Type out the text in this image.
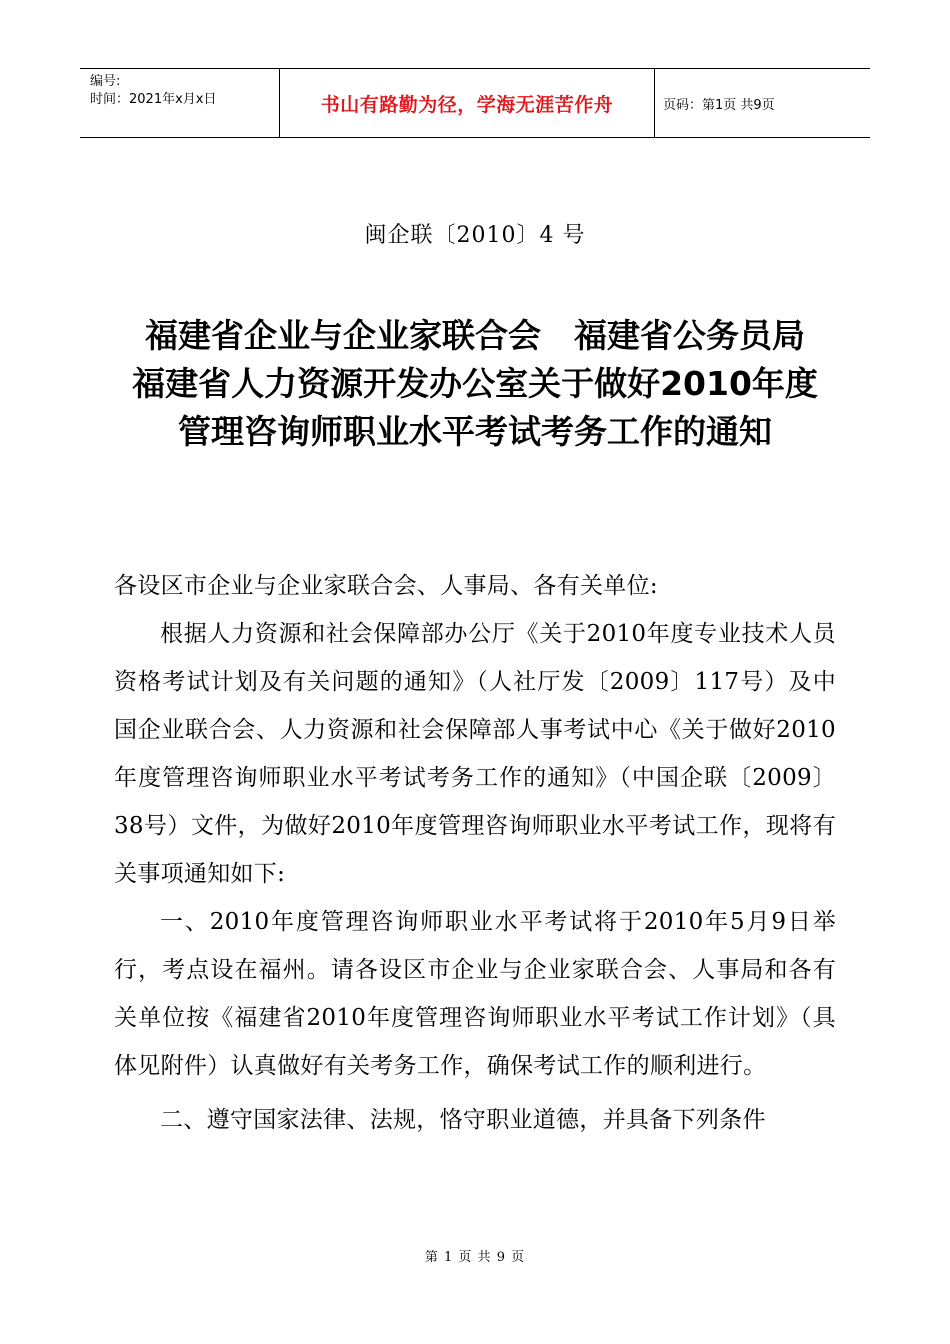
编号:
时间：2021年x月x日	书山有路勤为径，学海无涯苦作舟	页码：第1页 共9页
闽企联〔2010〕4 号
福建省企业与企业家联合会　福建省公务员局
福建省人力资源开发办公室关于做好2010年度
管理咨询师职业水平考试考务工作的通知

各设区市企业与企业家联合会、人事局、各有关单位:

根据人力资源和社会保障部办公厅《关于2010年度专业技术人员资格考试计划及有关问题的通知》（人社厅发〔2009〕117号）及中国企业联合会、人力资源和社会保障部人事考试中心《关于做好2010年度管理咨询师职业水平考试考务工作的通知》（中国企联〔2009〕38号）文件，为做好2010年度管理咨询师职业水平考试工作，现将有关事项通知如下:

一、2010年度管理咨询师职业水平考试将于2010年5月9日举行，考点设在福州。请各设区市企业与企业家联合会、人事局和各有关单位按《福建省2010年度管理咨询师职业水平考试工作计划》（具体见附件）认真做好有关考务工作，确保考试工作的顺利进行。

二、遵守国家法律、法规，恪守职业道德，并具备下列条件

第 1 页 共 9 页
